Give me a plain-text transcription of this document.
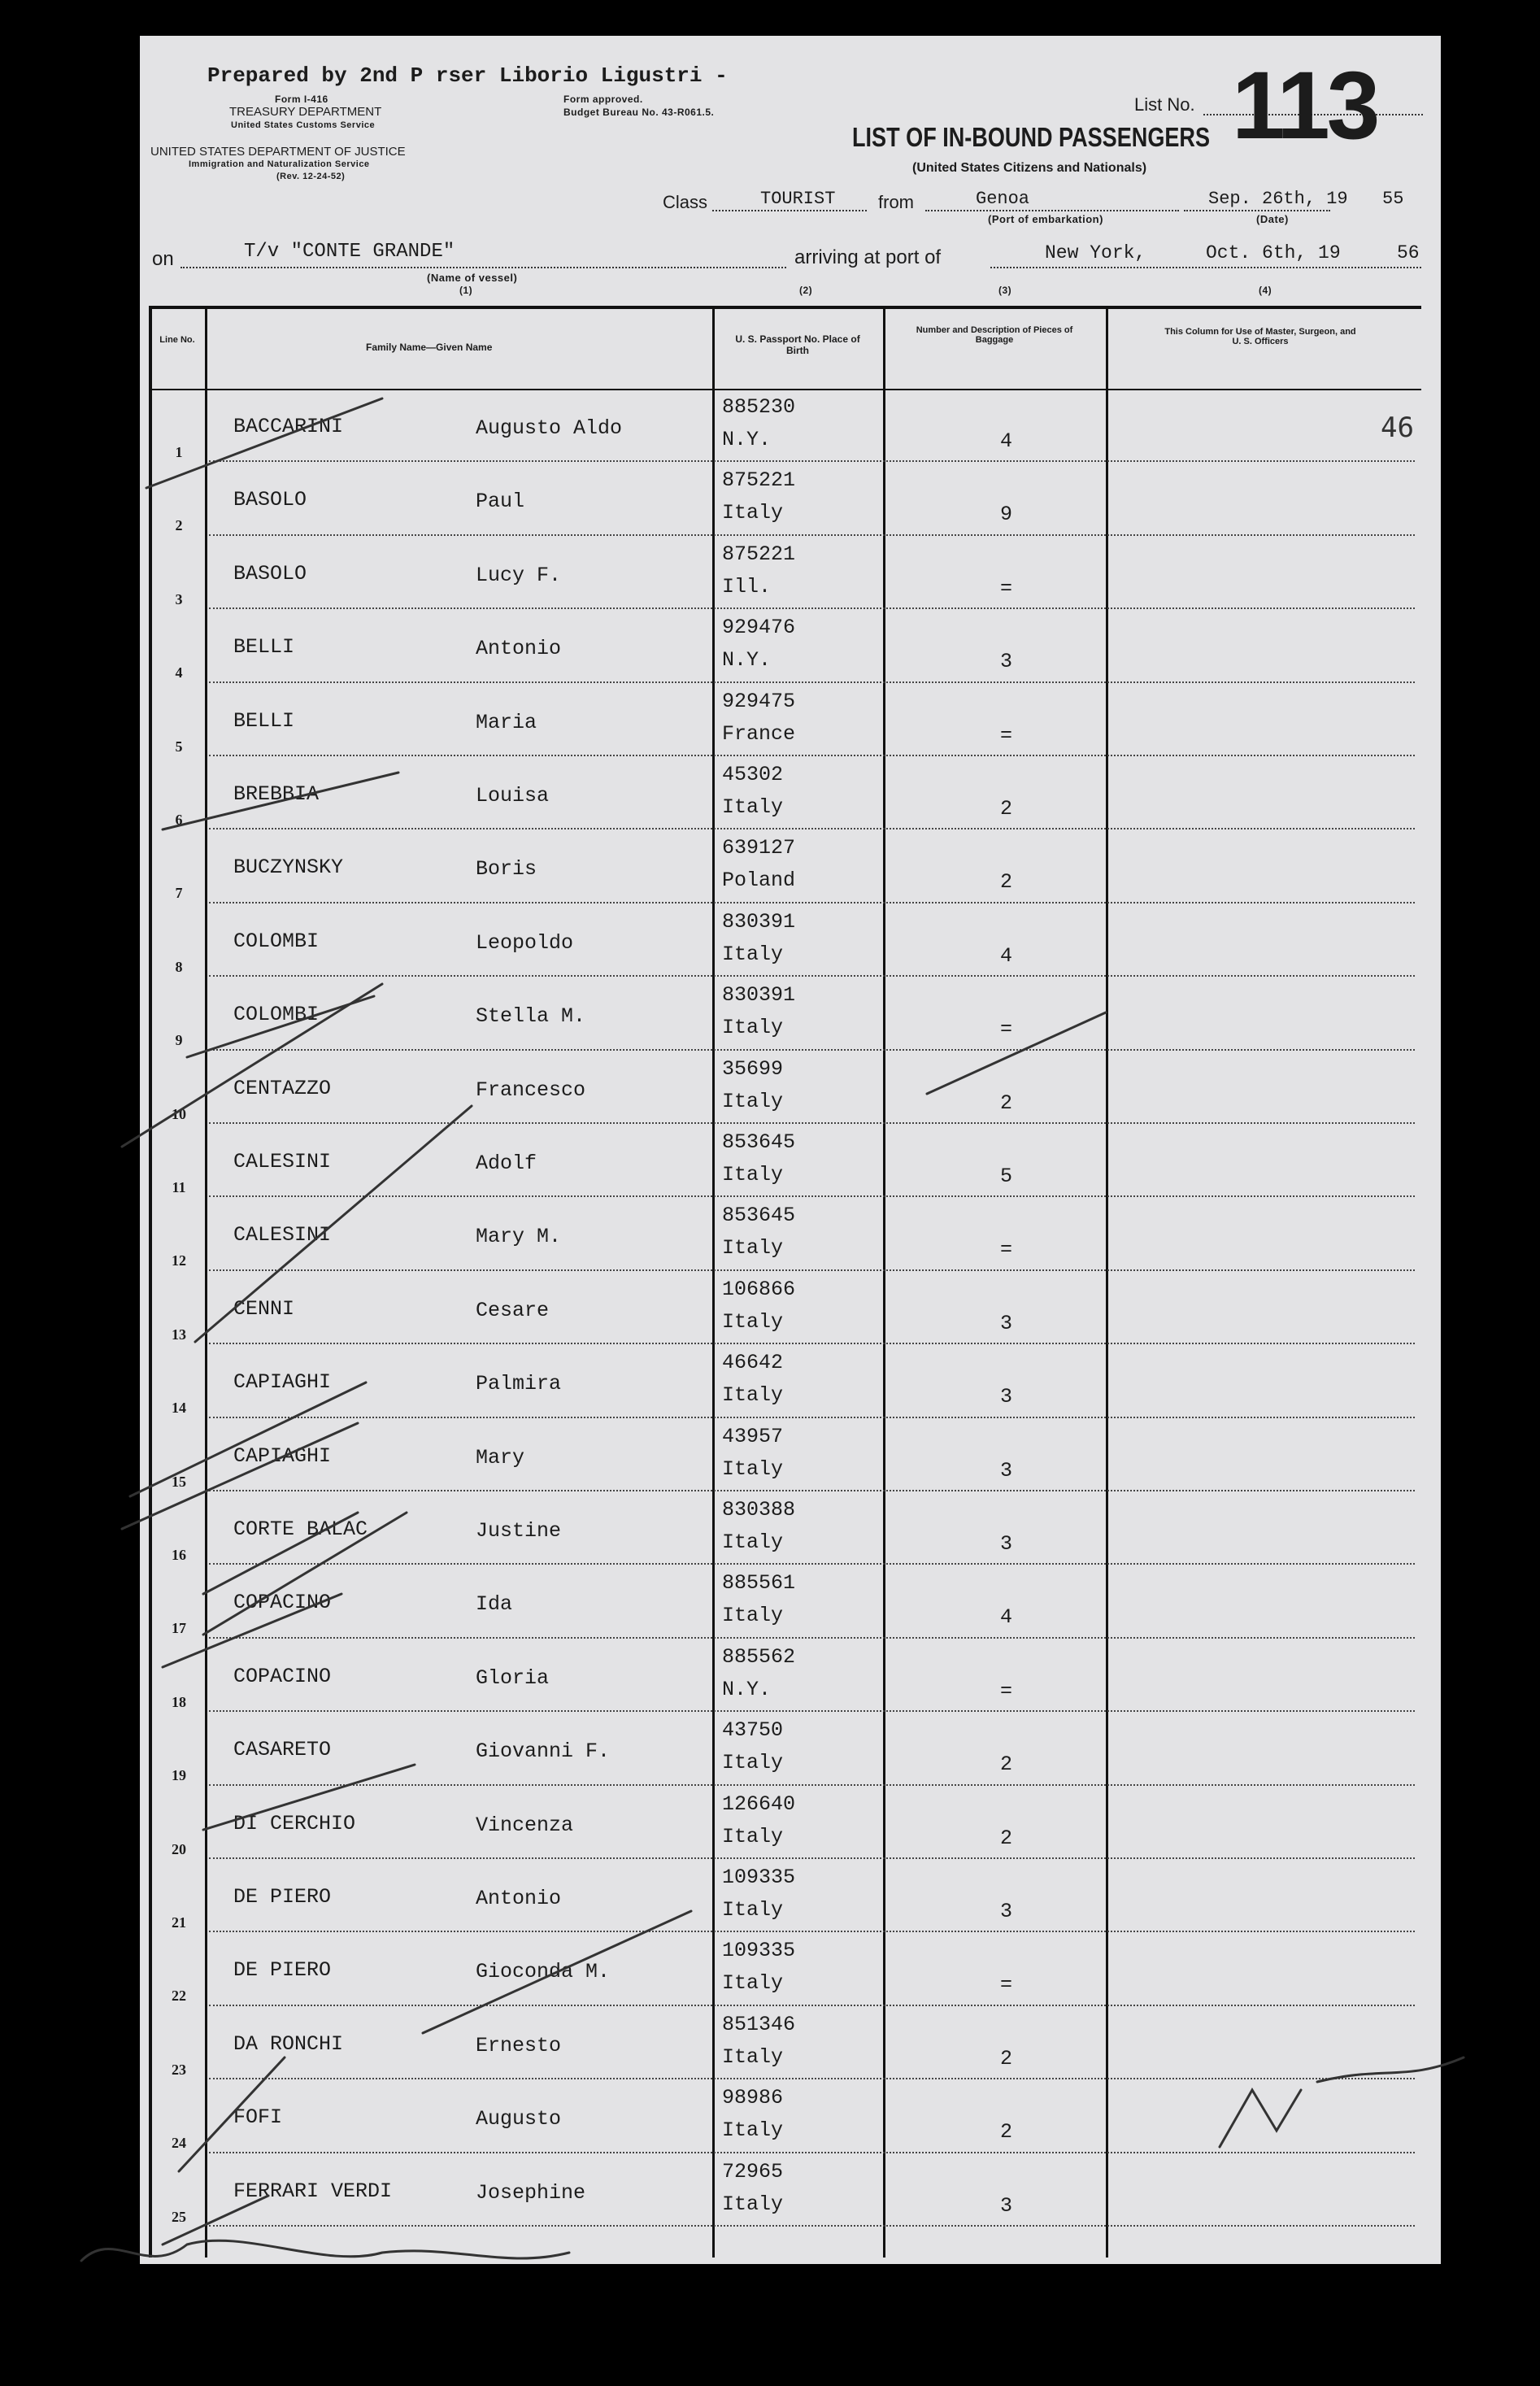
Prepared by 2nd P rser Liborio Ligustri -
Form I-416
TREASURY DEPARTMENT
United States Customs Service
Form approved.
Budget Bureau No. 43-R061.5.
UNITED STATES DEPARTMENT OF JUSTICE
Immigration and Naturalization Service
(Rev. 12-24-52)
List No. 113
LIST OF IN-BOUND PASSENGERS
(United States Citizens and Nationals)
Class	TOURIST from	Genoa
(Port of embarkation)
Sep. 26th, 19 55
(Date)
on	T/v "CONTE GRANDE"
(Name of vessel)
(1)
arriving at port of	New York,	Oct. 6th, 19	56
(2)	(3)	(4)
Line No.
Family Name—Given Name
U. S. Passport No. Place of Birth
Number and Description of Pieces of Baggage
This Column for Use of Master, Surgeon, and U. S. Officers
46
1
BACCARINI	Augusto Aldo
885230
N.Y.	4
2
BASOLO	Paul
875221
Italy	9
3
BASOLO	Lucy F.
875221
Ill.	=
4
BELLI	Antonio
929476
N.Y.	3
5
BELLI	Maria
929475
France	=
6
BREBBIA	Louisa
45302
Italy	2
7
BUCZYNSKY	Boris
639127
Poland	2
8
COLOMBI	Leopoldo
830391
Italy	4
9
COLOMBI	Stella M.
830391
Italy	=
10
CENTAZZO	Francesco
35699
Italy	2
11
CALESINI	Adolf
853645
Italy	5
12
CALESINI	Mary M.
853645
Italy	=
13
CENNI	Cesare
106866
Italy	3
14
CAPIAGHI	Palmira
46642
Italy	3
15
CAPIAGHI	Mary
43957
Italy	3
16
CORTE BALAC	Justine
830388
Italy	3
17
COPACINO	Ida
885561
Italy	4
18
COPACINO	Gloria
885562
N.Y.	=
19
CASARETO	Giovanni F.
43750
Italy	2
20
DI CERCHIO	Vincenza
126640
Italy	2
21
DE PIERO	Antonio
109335
Italy	3
22
DE PIERO	Gioconda M.
109335
Italy	=
23
DA RONCHI	Ernesto
851346
Italy	2
24
FOFI	Augusto
98986
Italy	2
25
FERRARI VERDI	Josephine
72965
Italy	3
